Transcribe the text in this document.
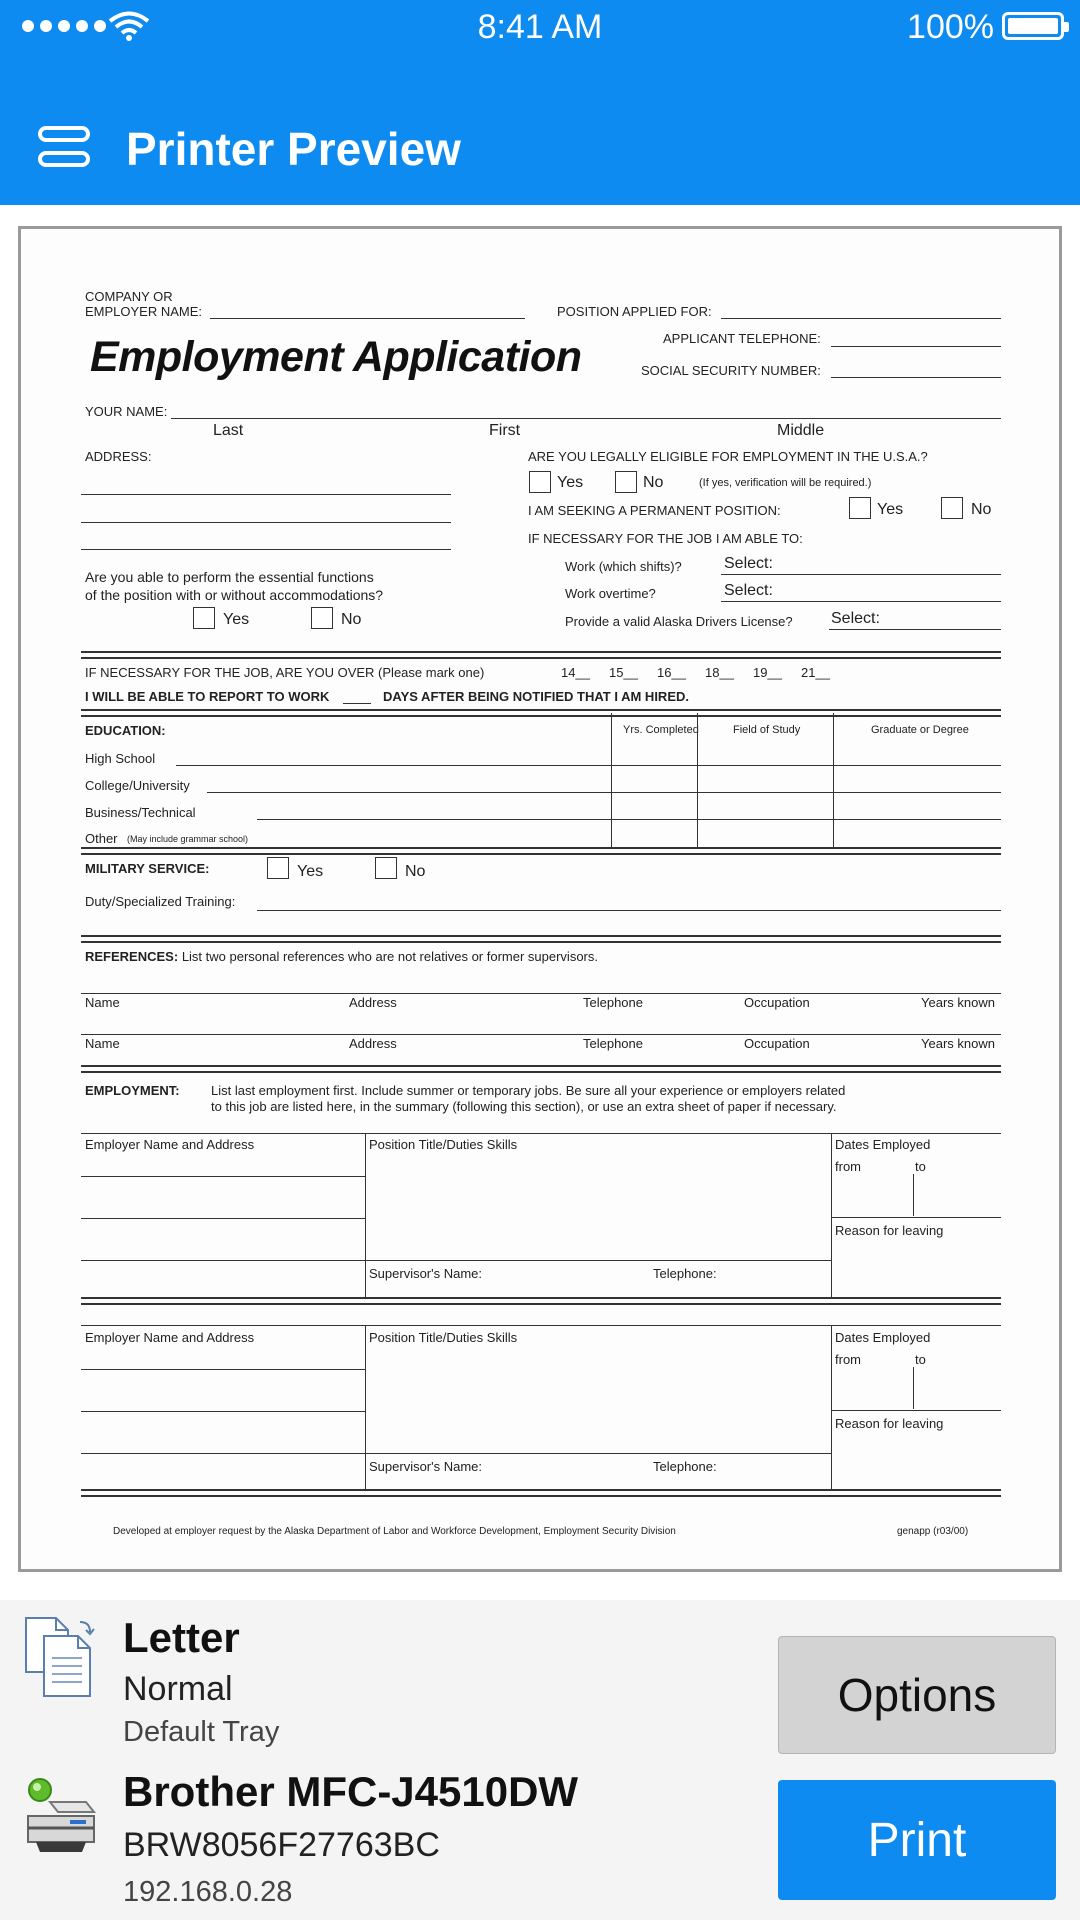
8:41 AM	100%
Printer Preview
COMPANY OR
EMPLOYER NAME:	POSITION APPLIED FOR:
APPLICANT TELEPHONE:
Employment Application	SOCIAL SECURITY NUMBER:
YOUR NAME:
Last	First	Middle
ADDRESS:	ARE YOU LEGALLY ELIGIBLE FOR EMPLOYMENT IN THE U.S.A.?
Yes	No	(If yes, verification will be required.)
I AM SEEKING A PERMANENT POSITION:	Yes	No
IF NECESSARY FOR THE JOB I AM ABLE TO:
Work (which shifts)?	Select:
Work overtime?	Select:
Provide a valid Alaska Drivers License? Select:
Are you able to perform the essential functions
of the position with or without accommodations?
Yes	No
IF NECESSARY FOR THE JOB, ARE YOU OVER (Please mark one)	14__ 15__ 16__ 18__ 19__ 21__
I WILL BE ABLE TO REPORT TO WORK	DAYS AFTER BEING NOTIFIED THAT I AM HIRED.
EDUCATION:	Yrs. Completed	Field of Study	Graduate or Degree
High School
College/University
Business/Technical
Other (May include grammar school)
MILITARY SERVICE:	Yes	No
Duty/Specialized Training:
REFERENCES: List two personal references who are not relatives or former supervisors.
Name	Address	Telephone	Occupation	Years known
Name	Address	Telephone	Occupation	Years known
EMPLOYMENT: List last employment first. Include summer or temporary jobs. Be sure all your experience or employers related
to this job are listed here, in the summary (following this section), or use an extra sheet of paper if necessary.
Employer Name and Address	Position Title/Duties Skills	Dates Employed
from	to
Reason for leaving
Supervisor's Name:	Telephone:
Employer Name and Address	Position Title/Duties Skills	Dates Employed
from	to
Reason for leaving
Supervisor's Name:	Telephone:
Developed at employer request by the Alaska Department of Labor and Workforce Development, Employment Security Division	genapp (r03/00)
Letter
Normal
Default Tray
Brother MFC-J4510DW
BRW8056F27763BC
192.168.0.28
Options
Print
